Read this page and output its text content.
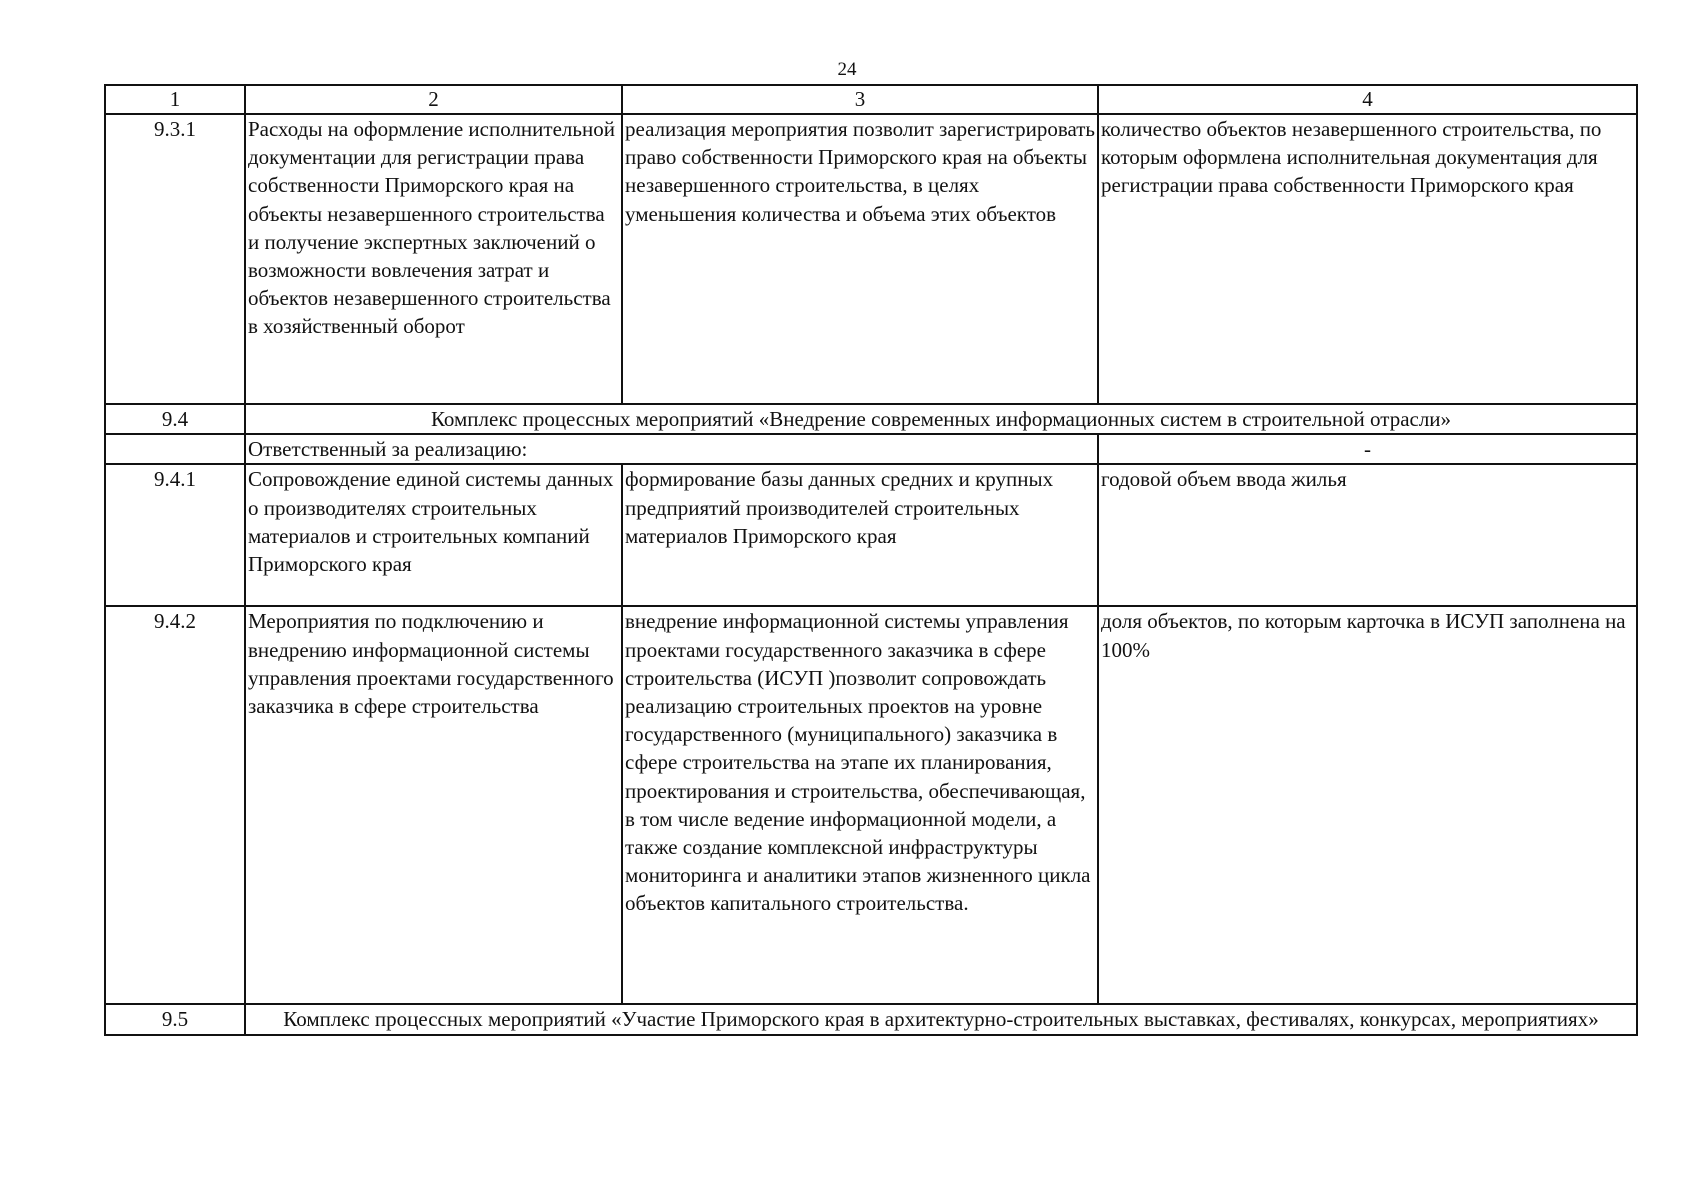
24
1	2	3	4
9.3.1	Расходы на оформление исполнительной документации для регистрации права собственности Приморского края на объекты незавершенного строительства и получение экспертных заключений о возможности вовлечения затрат и объектов незавершенного строительства в хозяйственный оборот	реализация мероприятия позволит зарегистрировать право собственности Приморского края на объекты незавершенного строительства, в целях уменьшения количества и объема этих объектов	количество объектов незавершенного строительства, по которым оформлена исполнительная документация для регистрации права собственности Приморского края
9.4	Комплекс процессных мероприятий «Внедрение современных информационных систем в строительной отрасли»		
	Ответственный за реализацию:		-
9.4.1	Сопровождение единой системы данных о производителях строительных материалов и строительных компаний Приморского края	формирование базы данных средних и крупных предприятий производителей строительных материалов Приморского края	годовой объем ввода жилья
9.4.2	Мероприятия по подключению и внедрению информационной системы управления проектами государственного заказчика в сфере строительства	внедрение информационной системы управления проектами государственного заказчика в сфере строительства (ИСУП )позволит сопровождать реализацию строительных проектов на уровне государственного (муниципального) заказчика в сфере строительства на этапе их планирования, проектирования и строительства, обеспечивающая, в том числе ведение информационной модели, а также создание комплексной инфраструктуры мониторинга и аналитики этапов жизненного цикла объектов капитального строительства.	доля объектов, по которым карточка в ИСУП заполнена на 100%
9.5	Комплекс процессных мероприятий «Участие Приморского края в архитектурно-строительных выставках, фестивалях, конкурсах, мероприятиях»		
